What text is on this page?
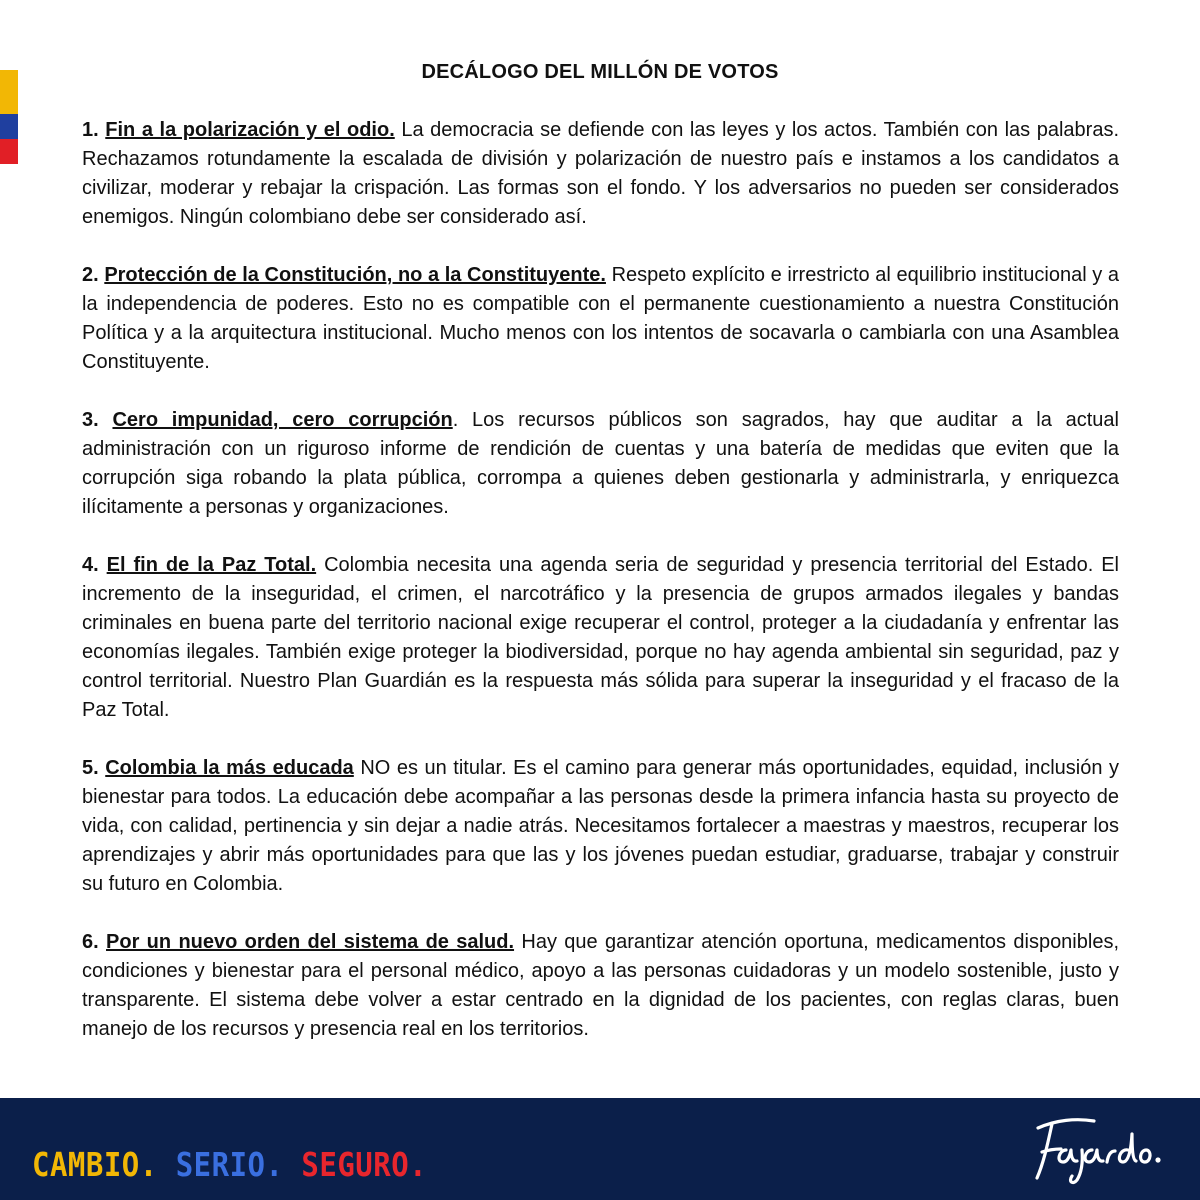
DECÁLOGO DEL MILLÓN DE VOTOS

1. Fin a la polarización y el odio. La democracia se defiende con las leyes y los actos. También con las palabras. Rechazamos rotundamente la escalada de división y polarización de nuestro país e instamos a los candidatos a civilizar, moderar y rebajar la crispación. Las formas son el fondo. Y los adversarios no pueden ser considerados enemigos. Ningún colombiano debe ser considerado así.

2. Protección de la Constitución, no a la Constituyente. Respeto explícito e irrestricto al equilibrio institucional y a la independencia de poderes. Esto no es compatible con el permanente cuestionamiento a nuestra Constitución Política y a la arquitectura institucional. Mucho menos con los intentos de socavarla o cambiarla con una Asamblea Constituyente.

3. Cero impunidad, cero corrupción. Los recursos públicos son sagrados, hay que auditar a la actual administración con un riguroso informe de rendición de cuentas y una batería de medidas que eviten que la corrupción siga robando la plata pública, corrompa a quienes deben gestionarla y administrarla, y enriquezca ilícitamente a personas y organizaciones.

4. El fin de la Paz Total. Colombia necesita una agenda seria de seguridad y presencia territorial del Estado. El incremento de la inseguridad, el crimen, el narcotráfico y la presencia de grupos armados ilegales y bandas criminales en buena parte del territorio nacional exige recuperar el control, proteger a la ciudadanía y enfrentar las economías ilegales. También exige proteger la biodiversidad, porque no hay agenda ambiental sin seguridad, paz y control territorial. Nuestro Plan Guardián es la respuesta más sólida para superar la inseguridad y el fracaso de la Paz Total.

5. Colombia la más educada NO es un titular. Es el camino para generar más oportunidades, equidad, inclusión y bienestar para todos. La educación debe acompañar a las personas desde la primera infancia hasta su proyecto de vida, con calidad, pertinencia y sin dejar a nadie atrás. Necesitamos fortalecer a maestras y maestros, recuperar los aprendizajes y abrir más oportunidades para que las y los jóvenes puedan estudiar, graduarse, trabajar y construir su futuro en Colombia.

6. Por un nuevo orden del sistema de salud. Hay que garantizar atención oportuna, medicamentos disponibles, condiciones y bienestar para el personal médico, apoyo a las personas cuidadoras y un modelo sostenible, justo y transparente. El sistema debe volver a estar centrado en la dignidad de los pacientes, con reglas claras, buen manejo de los recursos y presencia real en los territorios.

CAMBIO. SERIO. SEGURO.
